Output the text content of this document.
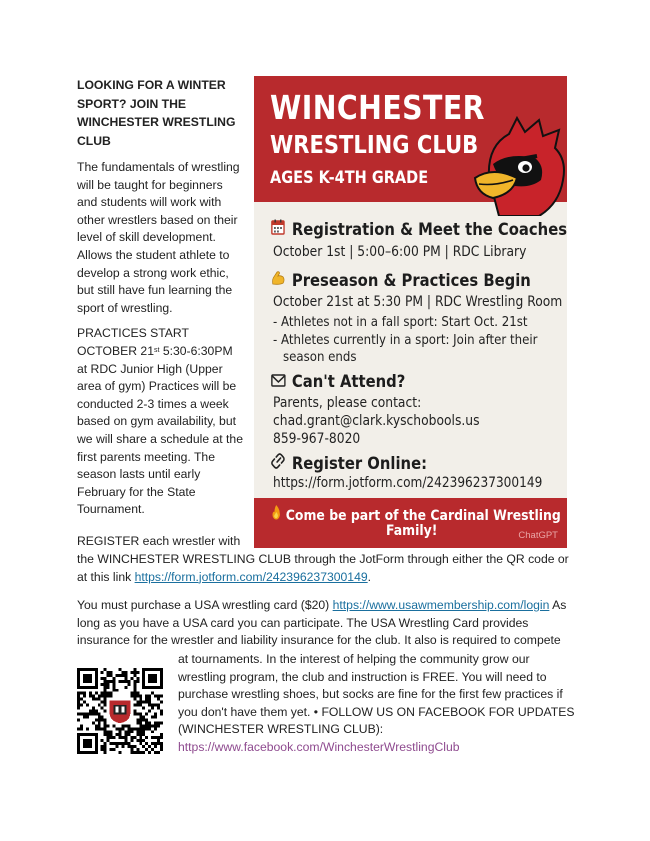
LOOKING FOR A WINTER SPORT? JOIN THE WINCHESTER WRESTLING CLUB

The fundamentals of wrestling will be taught for beginners and students will work with other wrestlers based on their level of skill development. Allows the student athlete to develop a strong work ethic, but still have fun learning the sport of wrestling.

PRACTICES START OCTOBER 21st 5:30-6:30PM at RDC Junior High (Upper area of gym) Practices will be conducted 2-3 times a week based on gym availability, but we will share a schedule at the first parents meeting. The season lasts until early February for the State Tournament.

REGISTER each wrestler with
the WINCHESTER WRESTLING CLUB through the JotForm through either the QR code or at this link https://form.jotform.com/242396237300149.
You must purchase a USA wrestling card ($20) https://www.usawmembership.com/login As long as you have a USA card you can participate. The USA Wrestling Card provides insurance for the wrestler and liability insurance for the club. It also is required to compete
at tournaments. In the interest of helping the community grow our wrestling program, the club and instruction is FREE. You will need to purchase wrestling shoes, but socks are fine for the first few practices if you don't have them yet. • FOLLOW US ON FACEBOOK FOR UPDATES (WINCHESTER WRESTLING CLUB):
https://www.facebook.com/WinchesterWrestlingClub
WINCHESTER
WRESTLING CLUB
AGES K-4TH GRADE
Registration & Meet the Coaches
October 1st | 5:00–6:00 PM | RDC Library
Preseason & Practices Begin
October 21st at 5:30 PM | RDC Wrestling Room
- Athletes not in a fall sport: Start Oct. 21st
- Athletes currently in a sport: Join after their
season ends
Can't Attend?
Parents, please contact:
chad.grant@clark.kyschobools.us
859-967-8020
Register Online:
https://form.jotform.com/242396237300149
Come be part of the Cardinal Wrestling
Family!	ChatGPT
